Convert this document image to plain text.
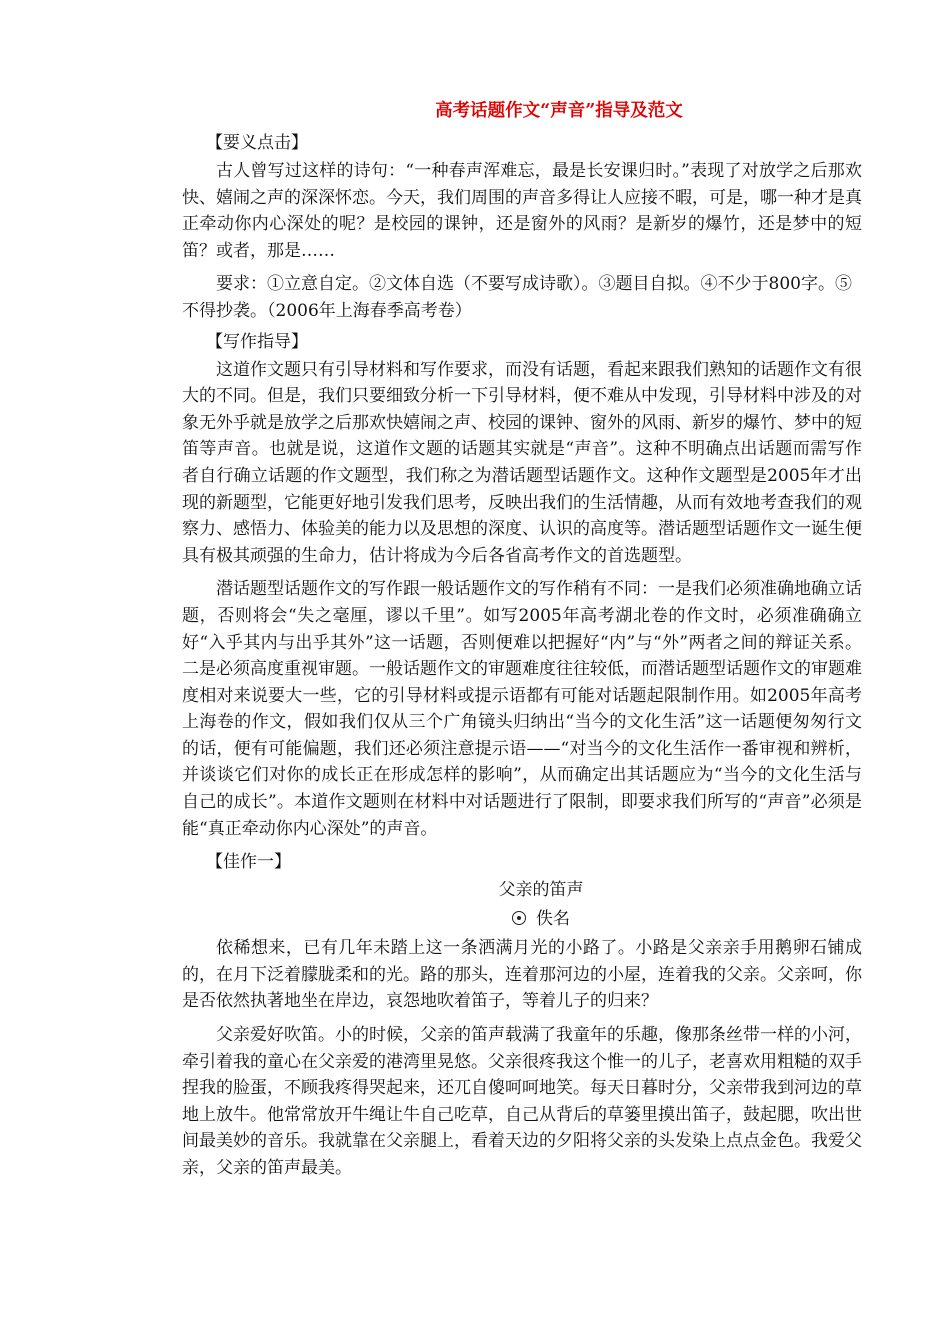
高考话题作文“声音”指导及范文
【要义点击】

古人曾写过这样的诗句：“一种春声浑难忘，最是长安课归时。”表现了对放学之后那欢快、嬉闹之声的深深怀恋。今天，我们周围的声音多得让人应接不暇，可是，哪一种才是真正牵动你内心深处的呢？是校园的课钟，还是窗外的风雨？是新岁的爆竹，还是梦中的短笛？或者，那是……

要求：①立意自定。②文体自选（不要写成诗歌）。③题目自拟。④不少于800字。⑤不得抄袭。（2006年上海春季高考卷）

【写作指导】

这道作文题只有引导材料和写作要求，而没有话题，看起来跟我们熟知的话题作文有很大的不同。但是，我们只要细致分析一下引导材料，便不难从中发现，引导材料中涉及的对象无外乎就是放学之后那欢快嬉闹之声、校园的课钟、窗外的风雨、新岁的爆竹、梦中的短笛等声音。也就是说，这道作文题的话题其实就是“声音”。这种不明确点出话题而需写作者自行确立话题的作文题型，我们称之为潜话题型话题作文。这种作文题型是2005年才出现的新题型，它能更好地引发我们思考，反映出我们的生活情趣，从而有效地考查我们的观察力、感悟力、体验美的能力以及思想的深度、认识的高度等。潜话题型话题作文一诞生便具有极其顽强的生命力，估计将成为今后各省高考作文的首选题型。

潜话题型话题作文的写作跟一般话题作文的写作稍有不同：一是我们必须准确地确立话题，否则将会“失之毫厘，谬以千里”。如写2005年高考湖北卷的作文时，必须准确确立好“入乎其内与出乎其外”这一话题，否则便难以把握好“内”与“外”两者之间的辩证关系。二是必须高度重视审题。一般话题作文的审题难度往往较低，而潜话题型话题作文的审题难度相对来说要大一些，它的引导材料或提示语都有可能对话题起限制作用。如2005年高考上海卷的作文，假如我们仅从三个广角镜头归纳出“当今的文化生活”这一话题便匆匆行文的话，便有可能偏题，我们还必须注意提示语——“对当今的文化生活作一番审视和辨析，并谈谈它们对你的成长正在形成怎样的影响”，从而确定出其话题应为“当今的文化生活与自己的成长”。本道作文题则在材料中对话题进行了限制，即要求我们所写的“声音”必须是能“真正牵动你内心深处”的声音。

【佳作一】
父亲的笛声
佚名

依稀想来，已有几年未踏上这一条洒满月光的小路了。小路是父亲亲手用鹅卵石铺成的，在月下泛着朦胧柔和的光。路的那头，连着那河边的小屋，连着我的父亲。父亲呵，你是否依然执著地坐在岸边，哀怨地吹着笛子，等着儿子的归来？

父亲爱好吹笛。小的时候，父亲的笛声载满了我童年的乐趣，像那条丝带一样的小河，牵引着我的童心在父亲爱的港湾里晃悠。父亲很疼我这个惟一的儿子，老喜欢用粗糙的双手捏我的脸蛋，不顾我疼得哭起来，还兀自傻呵呵地笑。每天日暮时分，父亲带我到河边的草地上放牛。他常常放开牛绳让牛自己吃草，自己从背后的草篓里摸出笛子，鼓起腮，吹出世间最美妙的音乐。我就靠在父亲腿上，看着天边的夕阳将父亲的头发染上点点金色。我爱父亲，父亲的笛声最美。
